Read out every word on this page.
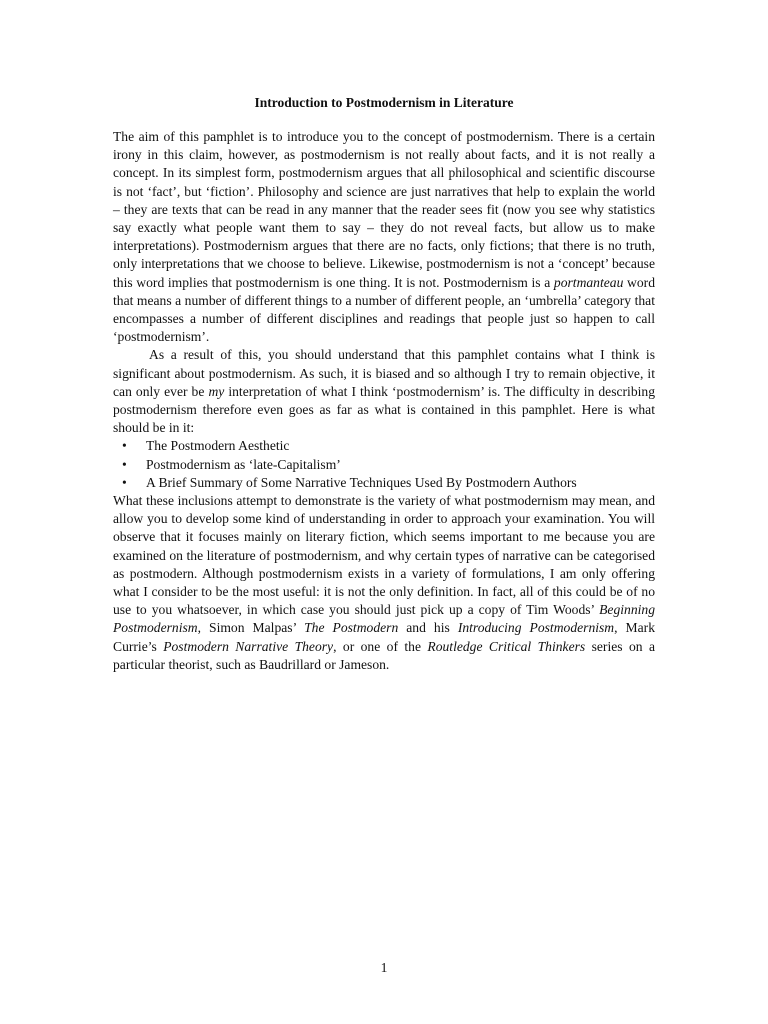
Introduction to Postmodernism in Literature

The aim of this pamphlet is to introduce you to the concept of postmodernism. There is a certain irony in this claim, however, as postmodernism is not really about facts, and it is not really a concept. In its simplest form, postmodernism argues that all philosophical and scientific discourse is not ‘fact’, but ‘fiction’. Philosophy and science are just narratives that help to explain the world – they are texts that can be read in any manner that the reader sees fit (now you see why statistics say exactly what people want them to say – they do not reveal facts, but allow us to make interpretations). Postmodernism argues that there are no facts, only fictions; that there is no truth, only interpretations that we choose to believe. Likewise, postmodernism is not a ‘concept’ because this word implies that postmodernism is one thing. It is not. Postmodernism is a portmanteau word that means a number of different things to a number of different people, an ‘umbrella’ category that encompasses a number of different disciplines and readings that people just so happen to call ‘postmodernism’.

As a result of this, you should understand that this pamphlet contains what I think is significant about postmodernism. As such, it is biased and so although I try to remain objective, it can only ever be my interpretation of what I think ‘postmodernism’ is. The difficulty in describing postmodernism therefore even goes as far as what is contained in this pamphlet. Here is what should be in it:

• The Postmodern Aesthetic
• Postmodernism as ‘late-Capitalism’
• A Brief Summary of Some Narrative Techniques Used By Postmodern Authors

What these inclusions attempt to demonstrate is the variety of what postmodernism may mean, and allow you to develop some kind of understanding in order to approach your examination. You will observe that it focuses mainly on literary fiction, which seems important to me because you are examined on the literature of postmodernism, and why certain types of narrative can be categorised as postmodern. Although postmodernism exists in a variety of formulations, I am only offering what I consider to be the most useful: it is not the only definition. In fact, all of this could be of no use to you whatsoever, in which case you should just pick up a copy of Tim Woods’ Beginning Postmodernism, Simon Malpas’ The Postmodern and his Introducing Postmodernism, Mark Currie’s Postmodern Narrative Theory, or one of the Routledge Critical Thinkers series on a particular theorist, such as Baudrillard or Jameson.

1
